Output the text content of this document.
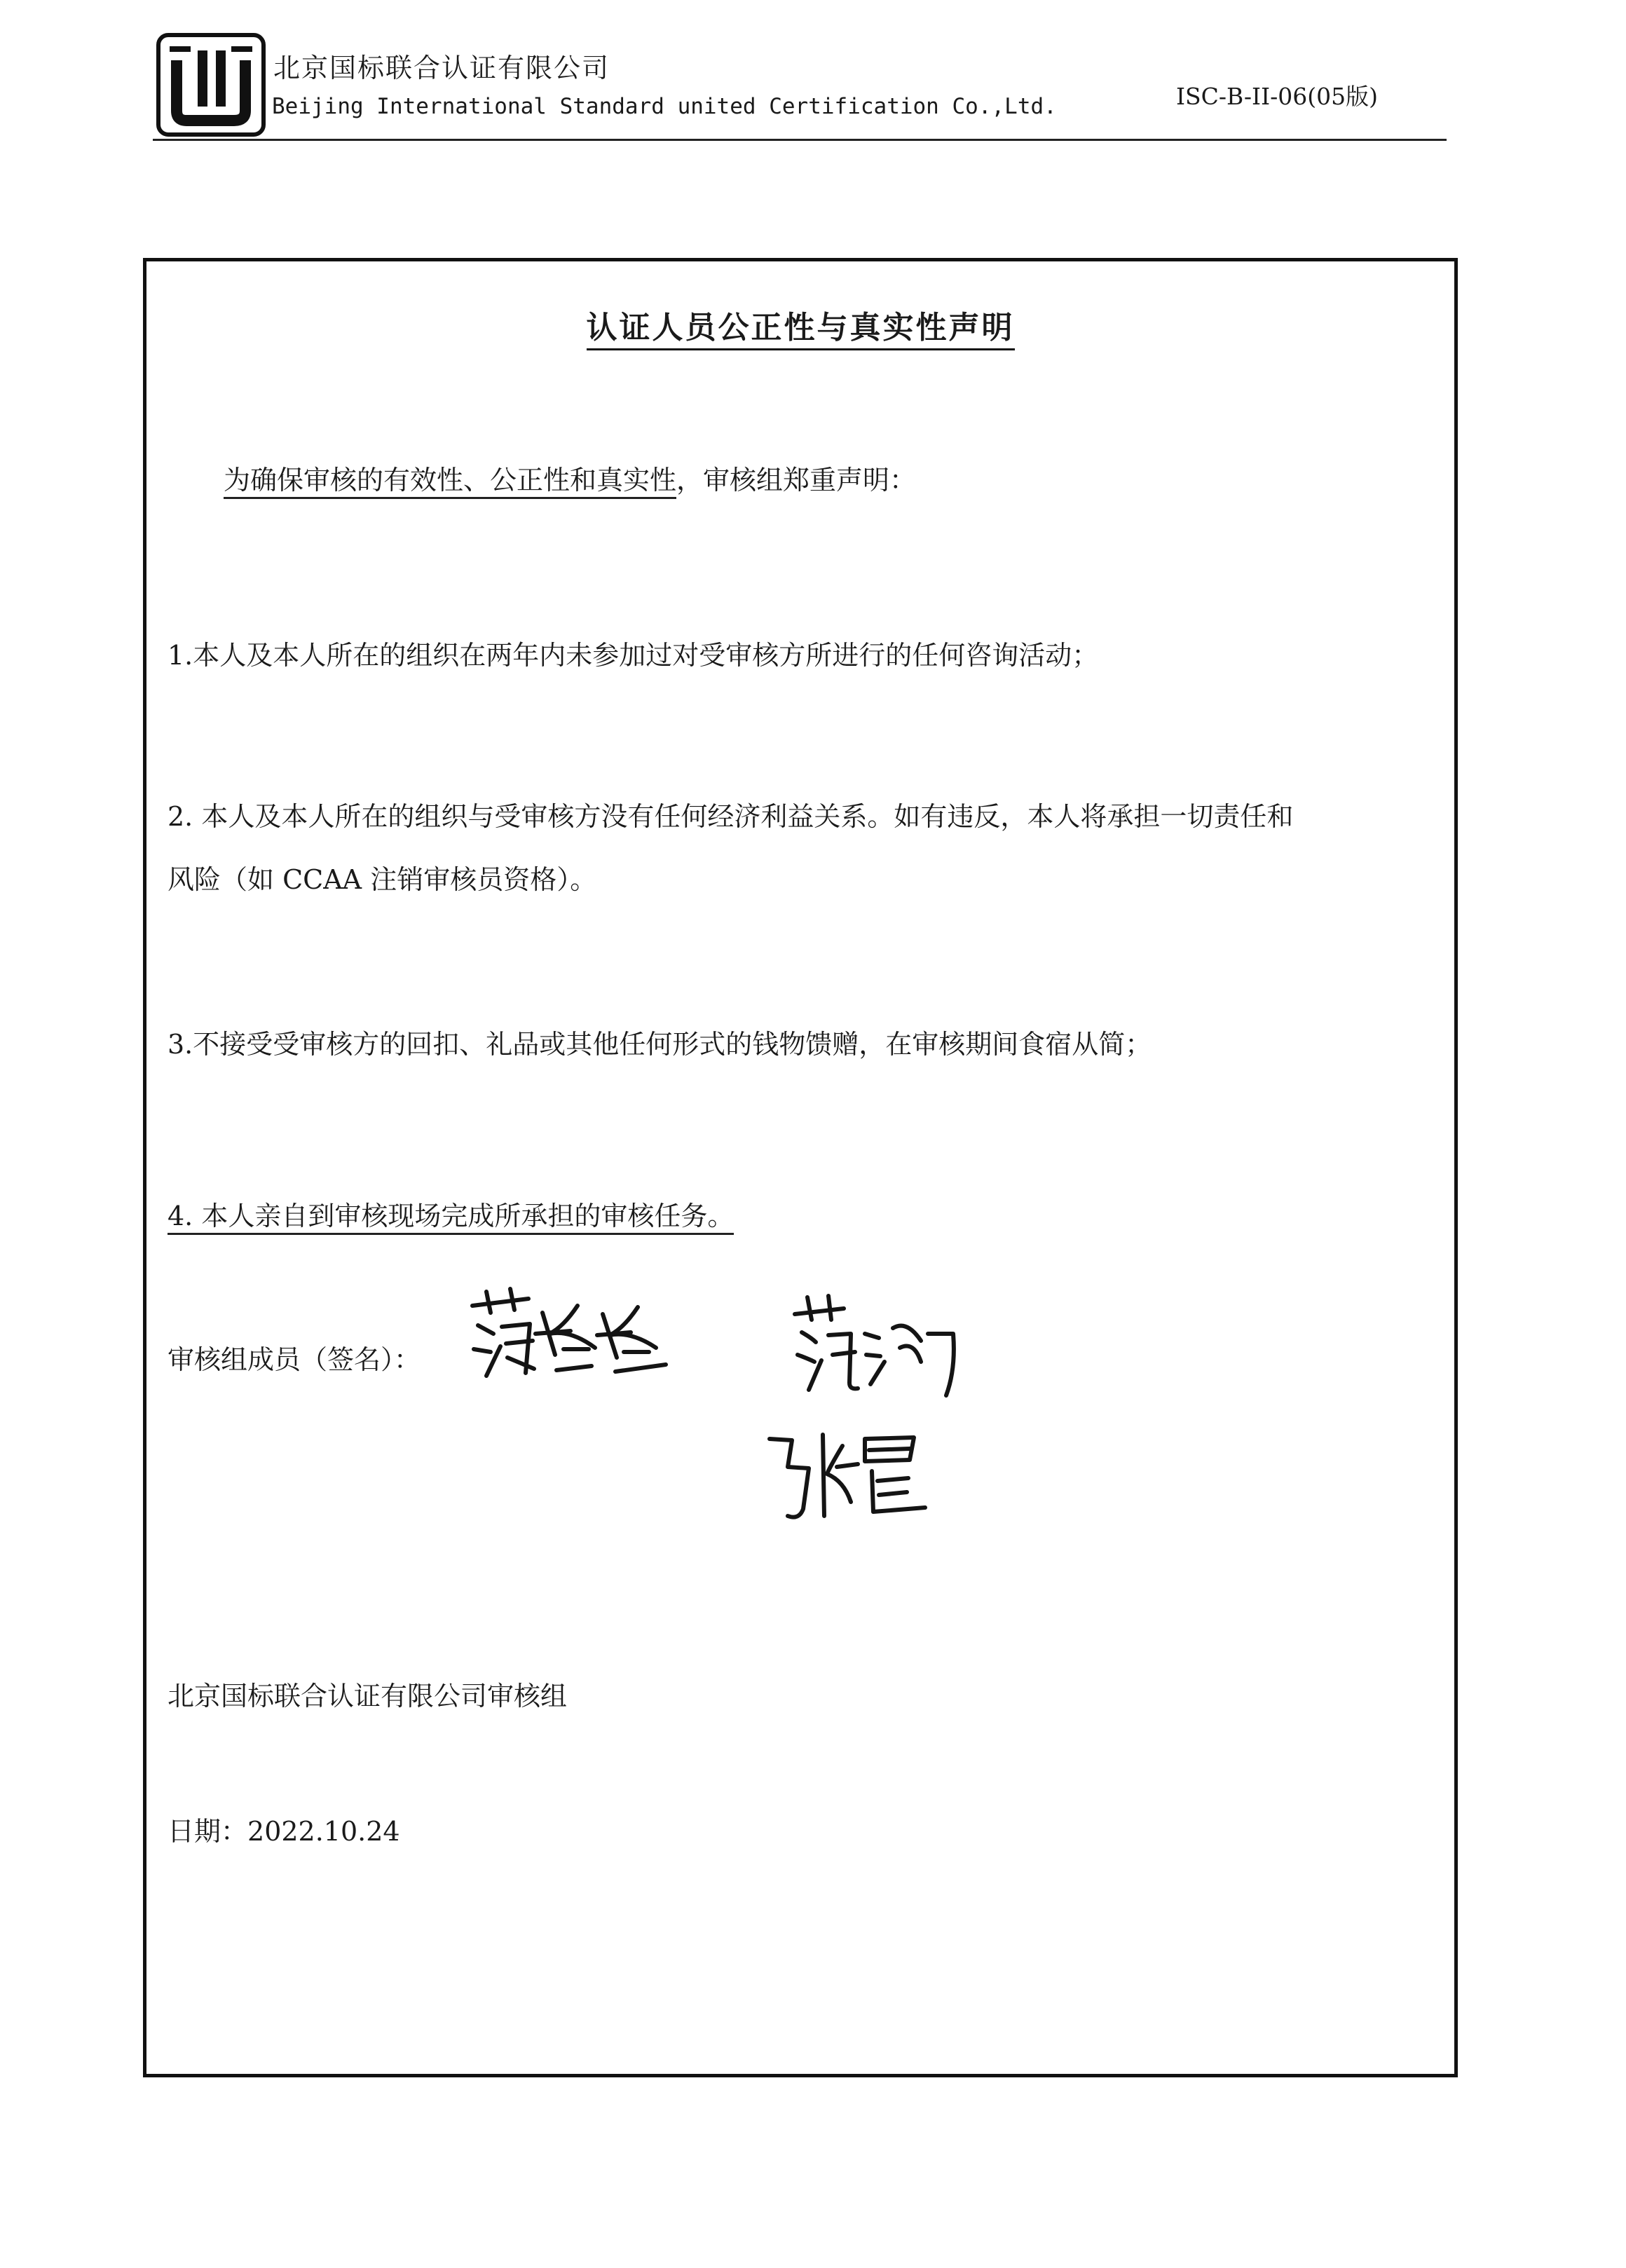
北京国标联合认证有限公司
Beijing International Standard united Certification Co.,Ltd.	ISC-B-II-06(05版)
认证人员公正性与真实性声明
为确保审核的有效性、公正性和真实性，审核组郑重声明：
1.本人及本人所在的组织在两年内未参加过对受审核方所进行的任何咨询活动；
2. 本人及本人所在的组织与受审核方没有任何经济利益关系。如有违反，本人将承担一切责任和
风险（如 CCAA 注销审核员资格）。
3.不接受受审核方的回扣、礼品或其他任何形式的钱物馈赠，在审核期间食宿从简；
4. 本人亲自到审核现场完成所承担的审核任务。
审核组成员（签名）：
北京国标联合认证有限公司审核组
日期：2022.10.24
